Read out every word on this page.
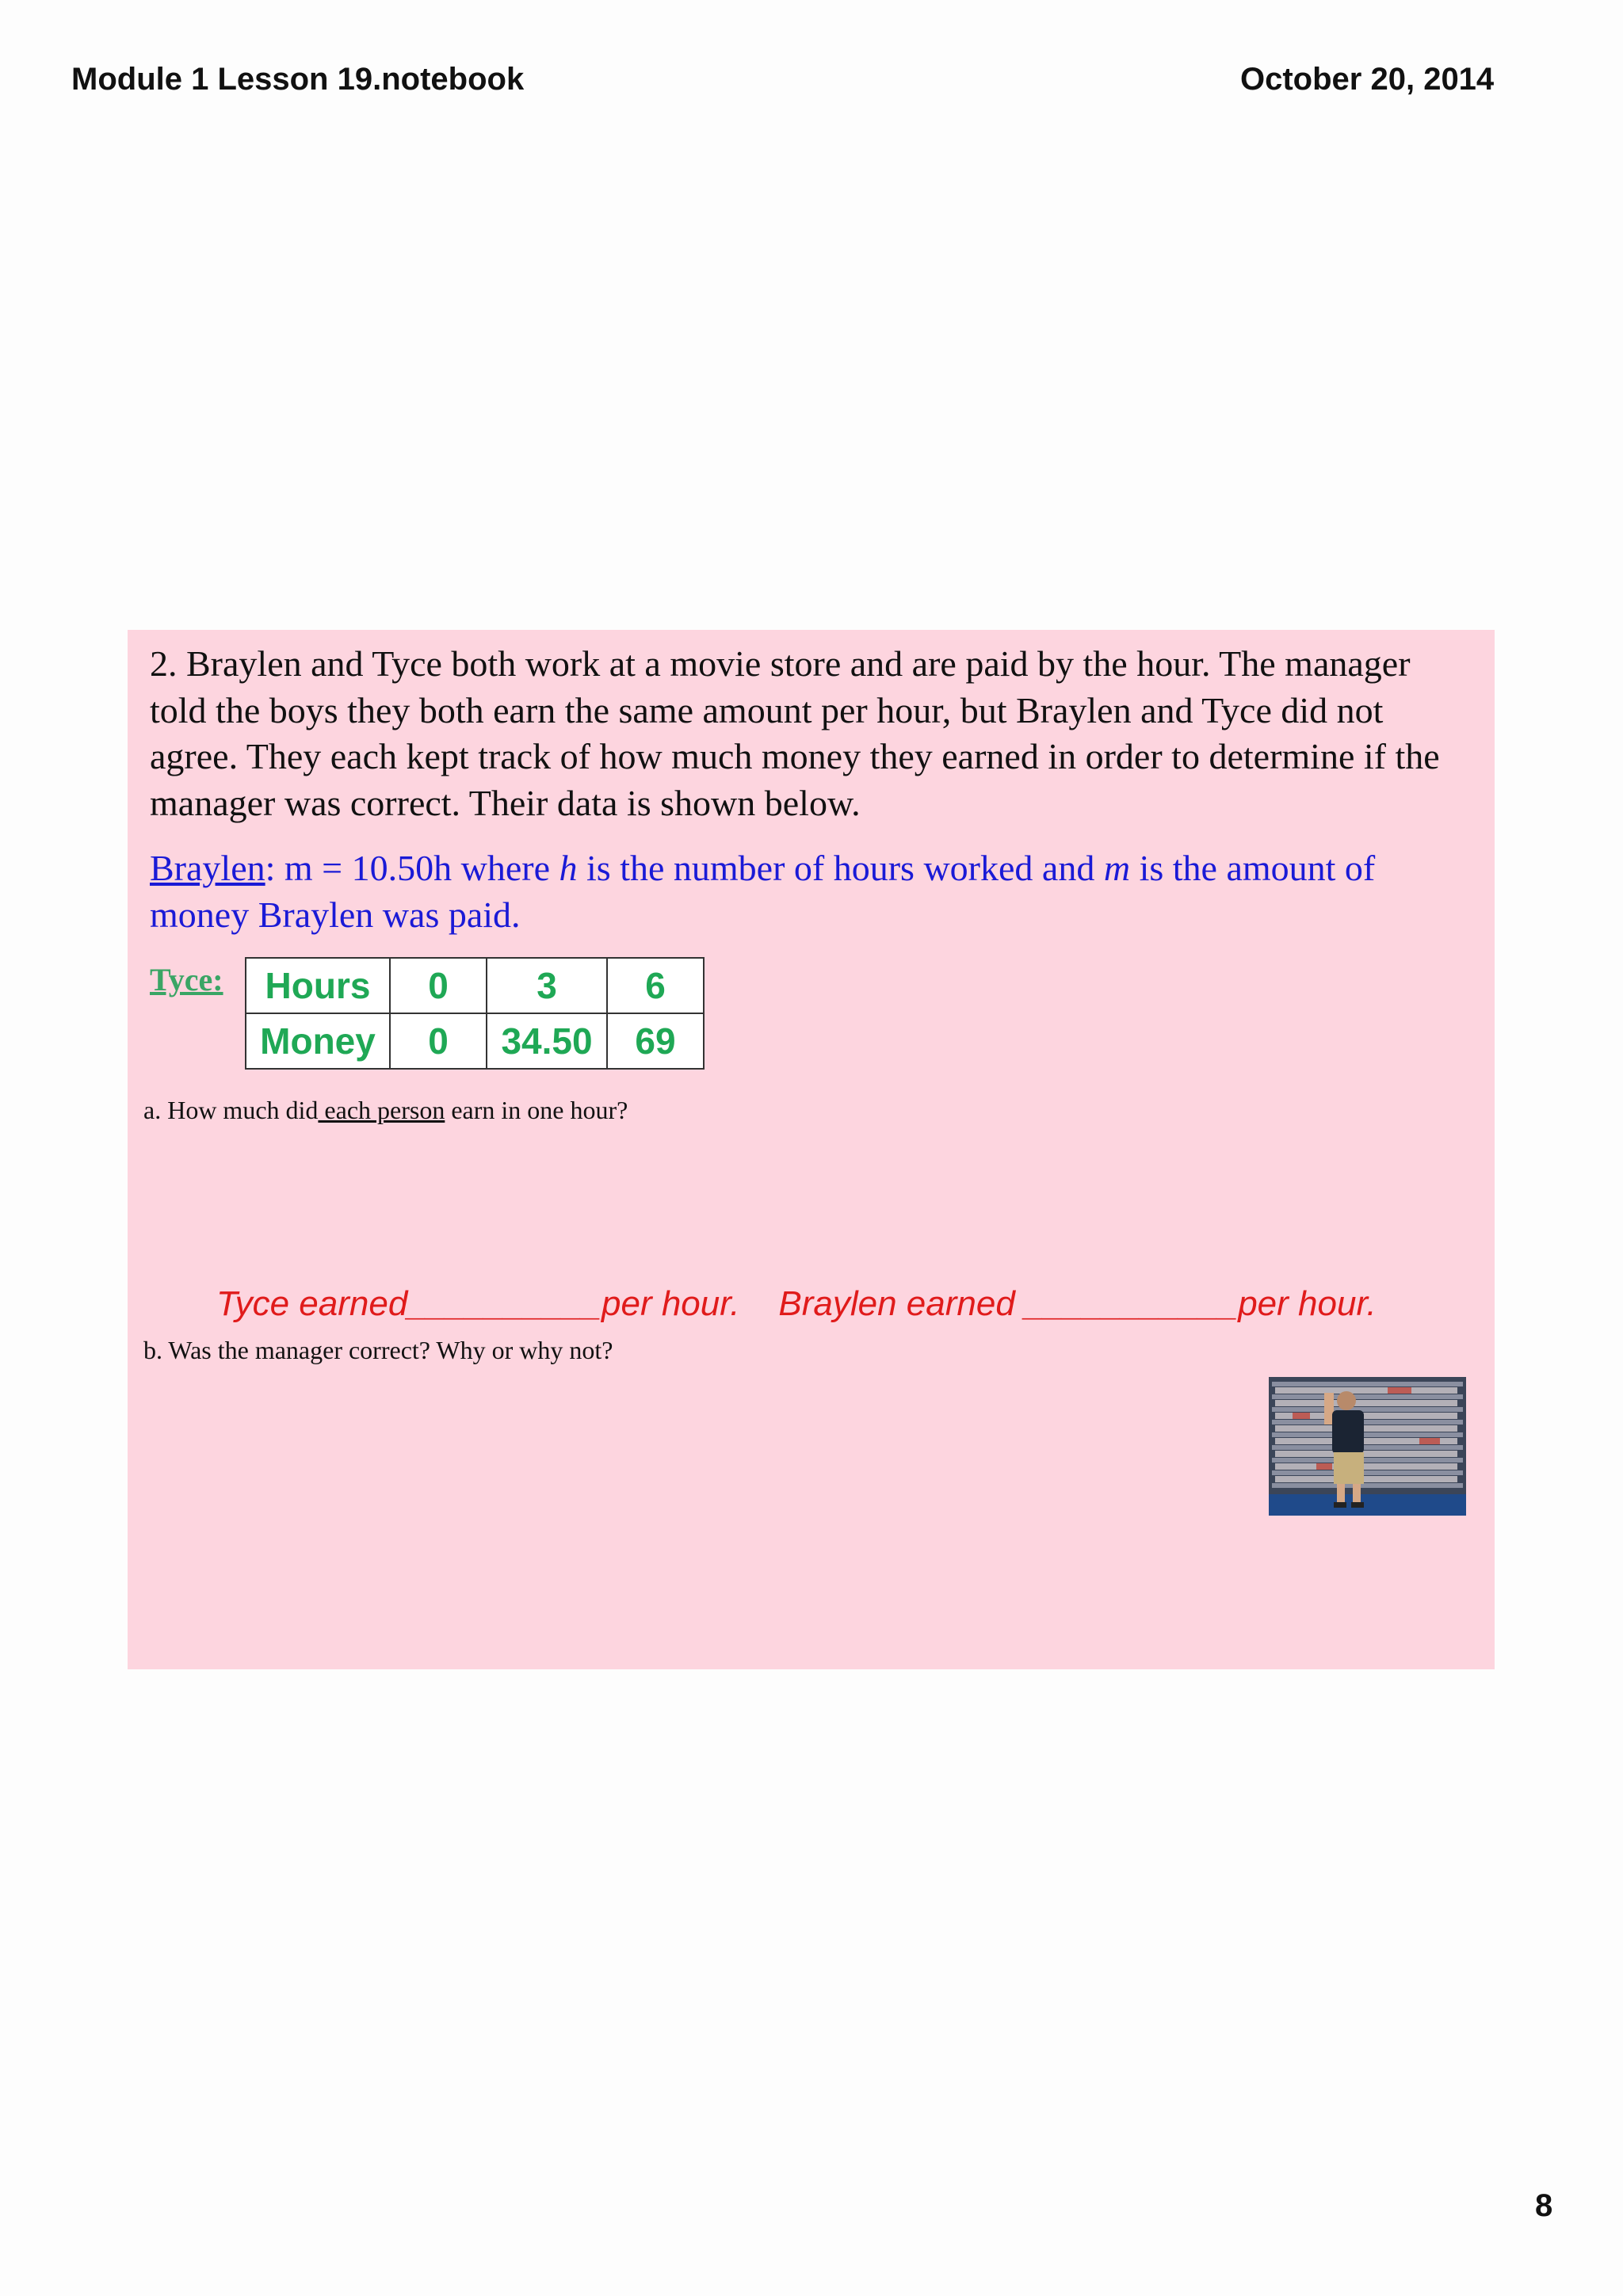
Module 1 Lesson 19.notebook	October 20, 2014
2. Braylen and Tyce both work at a movie store and are paid by the hour. The manager told the boys they both earn the same amount per hour, but Braylen and Tyce did not agree. They each kept track of how much money they earned in order to determine if the manager was correct. Their data is shown below.
Braylen: m = 10.50h where h is the number of hours worked and m is the amount of money Braylen was paid.
Tyce: Hours	0	3	6
Money	0	34.50	69
a. How much did each person earn in one hour?
Tyce earned__________per hour.    Braylen earned ___________per hour.
b. Was the manager correct? Why or why not?
8
